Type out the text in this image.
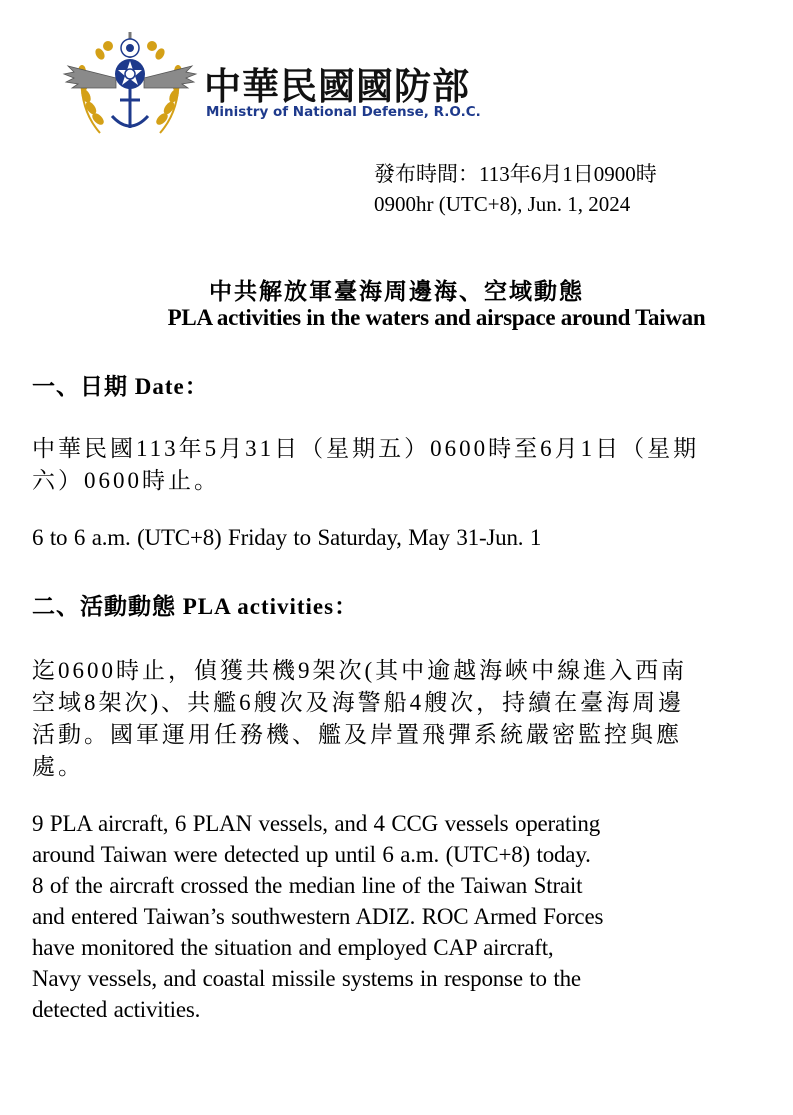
中華民國國防部
Ministry of National Defense, R.O.C.
發布時間：113年6月1日0900時
0900hr (UTC+8), Jun. 1, 2024
中共解放軍臺海周邊海、空域動態
PLA activities in the waters and airspace around Taiwan
一、日期 Date：
中華民國113年5月31日（星期五）0600時至6月1日（星期
六）0600時止。
6 to 6 a.m. (UTC+8) Friday to Saturday, May 31-Jun. 1
二、活動動態 PLA activities：
迄0600時止，偵獲共機9架次(其中逾越海峽中線進入西南
空域8架次)、共艦6艘次及海警船4艘次，持續在臺海周邊
活動。國軍運用任務機、艦及岸置飛彈系統嚴密監控與應
處。
9 PLA aircraft, 6 PLAN vessels, and 4 CCG vessels operating
around Taiwan were detected up until 6 a.m. (UTC+8) today.
8 of the aircraft crossed the median line of the Taiwan Strait
and entered Taiwan’s southwestern ADIZ. ROC Armed Forces
have monitored the situation and employed CAP aircraft,
Navy vessels, and coastal missile systems in response to the
detected activities.
